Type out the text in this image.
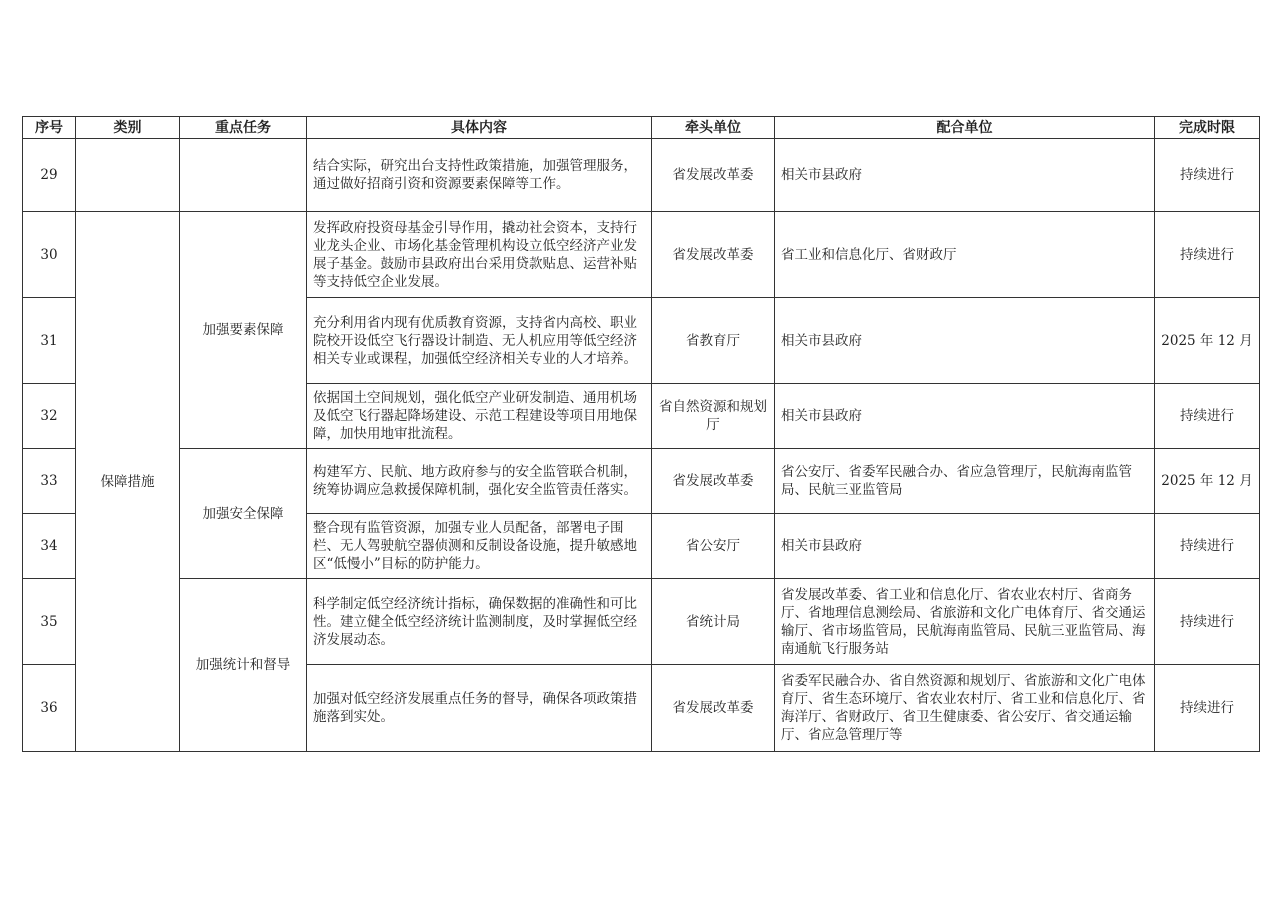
序号	类别	重点任务	具体内容	牵头单位	配合单位	完成时限
29			结合实际，研究出台支持性政策措施，加强管理服务，通过做好招商引资和资源要素保障等工作。	省发展改革委	相关市县政府	持续进行
30	保障措施	加强要素保障	发挥政府投资母基金引导作用，撬动社会资本，支持行业龙头企业、市场化基金管理机构设立低空经济产业发展子基金。鼓励市县政府出台采用贷款贴息、运营补贴等支持低空企业发展。	省发展改革委	省工业和信息化厅、省财政厅	持续进行
31			充分利用省内现有优质教育资源，支持省内高校、职业院校开设低空飞行器设计制造、无人机应用等低空经济相关专业或课程，加强低空经济相关专业的人才培养。	省教育厅	相关市县政府	2025 年 12 月
32			依据国土空间规划，强化低空产业研发制造、通用机场及低空飞行器起降场建设、示范工程建设等项目用地保障，加快用地审批流程。	省自然资源和规划厅	相关市县政府	持续进行
33		加强安全保障	构建军方、民航、地方政府参与的安全监管联合机制，统筹协调应急救援保障机制，强化安全监管责任落实。	省发展改革委	省公安厅、省委军民融合办、省应急管理厅，民航海南监管局、民航三亚监管局	2025 年 12 月
34			整合现有监管资源，加强专业人员配备，部署电子围栏、无人驾驶航空器侦测和反制设备设施，提升敏感地区“低慢小”目标的防护能力。	省公安厅	相关市县政府	持续进行
35		加强统计和督导	科学制定低空经济统计指标，确保数据的准确性和可比性。建立健全低空经济统计监测制度，及时掌握低空经济发展动态。	省统计局	省发展改革委、省工业和信息化厅、省农业农村厅、省商务厅、省地理信息测绘局、省旅游和文化广电体育厅、省交通运输厅、省市场监管局，民航海南监管局、民航三亚监管局、海南通航飞行服务站	持续进行
36			加强对低空经济发展重点任务的督导，确保各项政策措施落到实处。	省发展改革委	省委军民融合办、省自然资源和规划厅、省旅游和文化广电体育厅、省生态环境厅、省农业农村厅、省工业和信息化厅、省海洋厅、省财政厅、省卫生健康委、省公安厅、省交通运输厅、省应急管理厅等	持续进行
